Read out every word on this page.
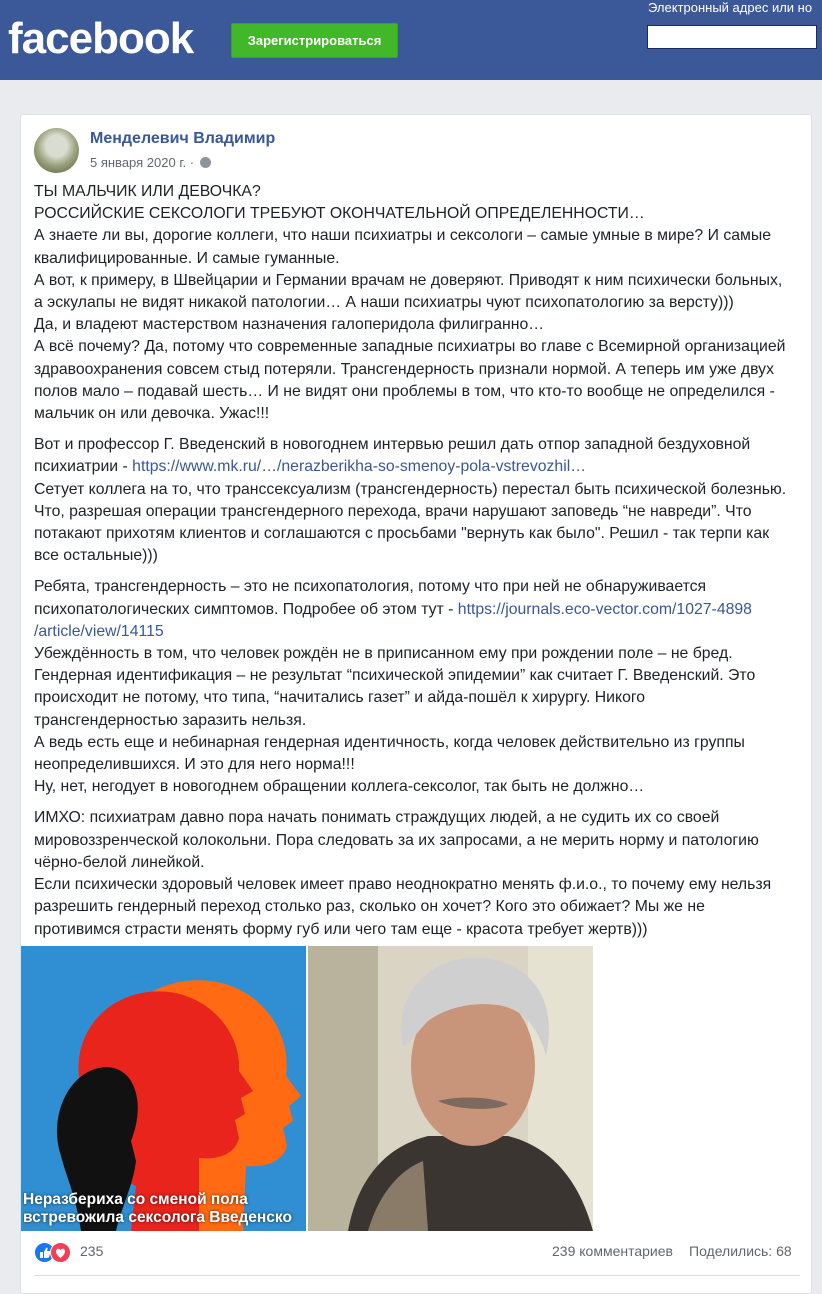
facebook	Зарегистрироваться
Электронный адрес или но
Менделевич Владимир
5 января 2020 г. ·

ТЫ МАЛЬЧИК ИЛИ ДЕВОЧКА?

РОССИЙСКИЕ СЕКСОЛОГИ ТРЕБУЮТ ОКОНЧАТЕЛЬНОЙ ОПРЕДЕЛЕННОСТИ…

А знаете ли вы, дорогие коллеги, что наши психиатры и сексологи – самые умные в мире? И самые

квалифицированные. И самые гуманные.

А вот, к примеру, в Швейцарии и Германии врачам не доверяют. Приводят к ним психически больных,

а эскулапы не видят никакой патологии… А наши психиатры чуют психопатологию за версту)))

Да, и владеют мастерством назначения галоперидола филигранно…

А всё почему? Да, потому что современные западные психиатры во главе с Всемирной организацией

здравоохранения совсем стыд потеряли. Трансгендерность признали нормой. А теперь им уже двух

полов мало – подавай шесть… И не видят они проблемы в том, что кто-то вообще не определился -

мальчик он или девочка. Ужас!!!

Вот и профессор Г. Введенский в новогоднем интервью решил дать отпор западной бездуховной

психиатрии - https://www.mk.ru/…/nerazberikha-so-smenoy-pola-vstrevozhil…

Сетует коллега на то, что транссексуализм (трансгендерность) перестал быть психической болезнью.

Что, разрешая операции трансгендерного перехода, врачи нарушают заповедь “не навреди”. Что

потакают прихотям клиентов и соглашаются с просьбами "вернуть как было". Решил - так терпи как

все остальные)))

Ребята, трансгендерность – это не психопатология, потому что при ней не обнаруживается

психопатологических симптомов. Подробее об этом тут - https://journals.eco-vector.com/1027-4898

/article/view/14115

Убеждённость в том, что человек рождён не в приписанном ему при рождении поле – не бред.

Гендерная идентификация – не результат “психической эпидемии” как считает Г. Введенский. Это

происходит не потому, что типа, “начитались газет” и айда-пошёл к хирургу. Никого

трансгендерностью заразить нельзя.

А ведь есть еще и небинарная гендерная идентичность, когда человек действительно из группы

неопределившихся. И это для него норма!!!

Ну, нет, негодует в новогоднем обращении коллега-сексолог, так быть не должно…

ИМХО: психиатрам давно пора начать понимать страждущих людей, а не судить их со своей

мировоззренческой колокольни. Пора следовать за их запросами, а не мерить норму и патологию

чёрно-белой линейкой.

Если психически здоровый человек имеет право неоднократно менять ф.и.о., то почему ему нельзя

разрешить гендерный переход столько раз, сколько он хочет? Кого это обижает? Мы же не

противимся страсти менять форму губ или чего там еще - красота требует жертв)))

Неразбериха со сменой пола
встревожила сексолога Введенско
235	239 комментариев Поделились: 68
